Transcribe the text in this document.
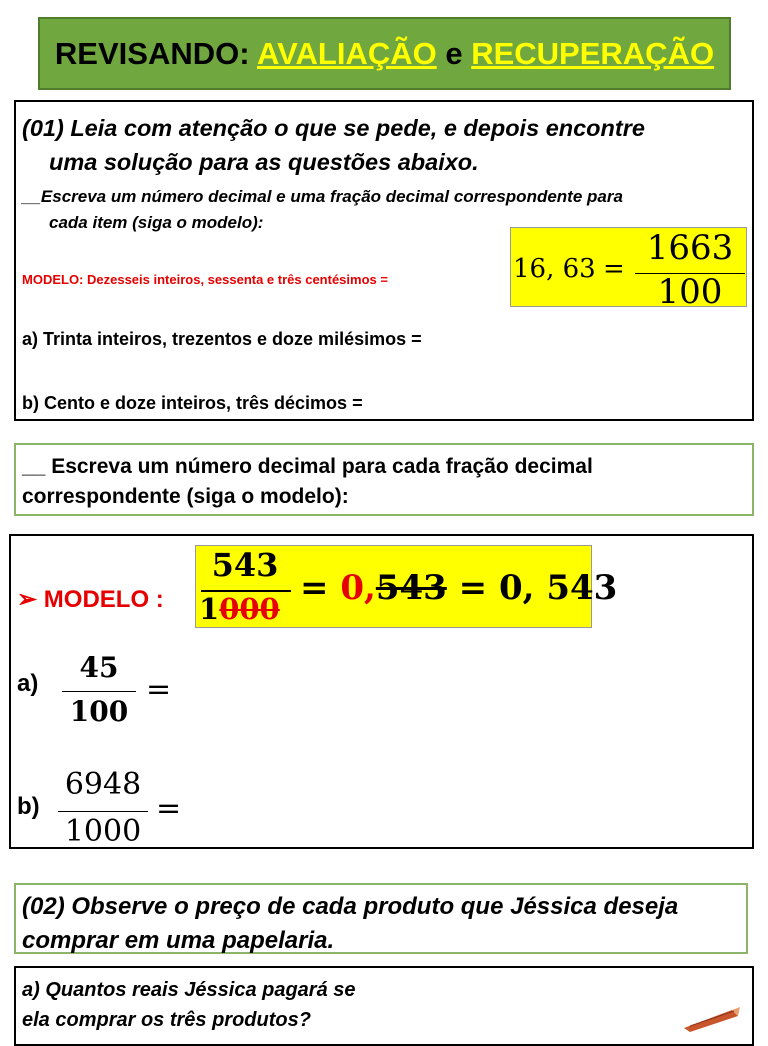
REVISANDO: AVALIAÇÃO e RECUPERAÇÃO
(01) Leia com atenção o que se pede, e depois encontre
uma solução para as questões abaixo.
__Escreva um número decimal e uma fração decimal correspondente para
cada item (siga o modelo):
MODELO: Dezesseis inteiros, sessenta e três centésimos =	16, 63 =
1663
100
a) Trinta inteiros, trezentos e doze milésimos =
b) Cento e doze inteiros, três décimos =
__ Escreva um número decimal para cada fração decimal
correspondente (siga o modelo):
➢ MODELO :
543
1000
= 0,543 = 0, 543
a)	45
100
=
b)
6948
1000
=
(02) Observe o preço de cada produto que Jéssica deseja
comprar em uma papelaria.
a) Quantos reais Jéssica pagará se
ela comprar os três produtos?
